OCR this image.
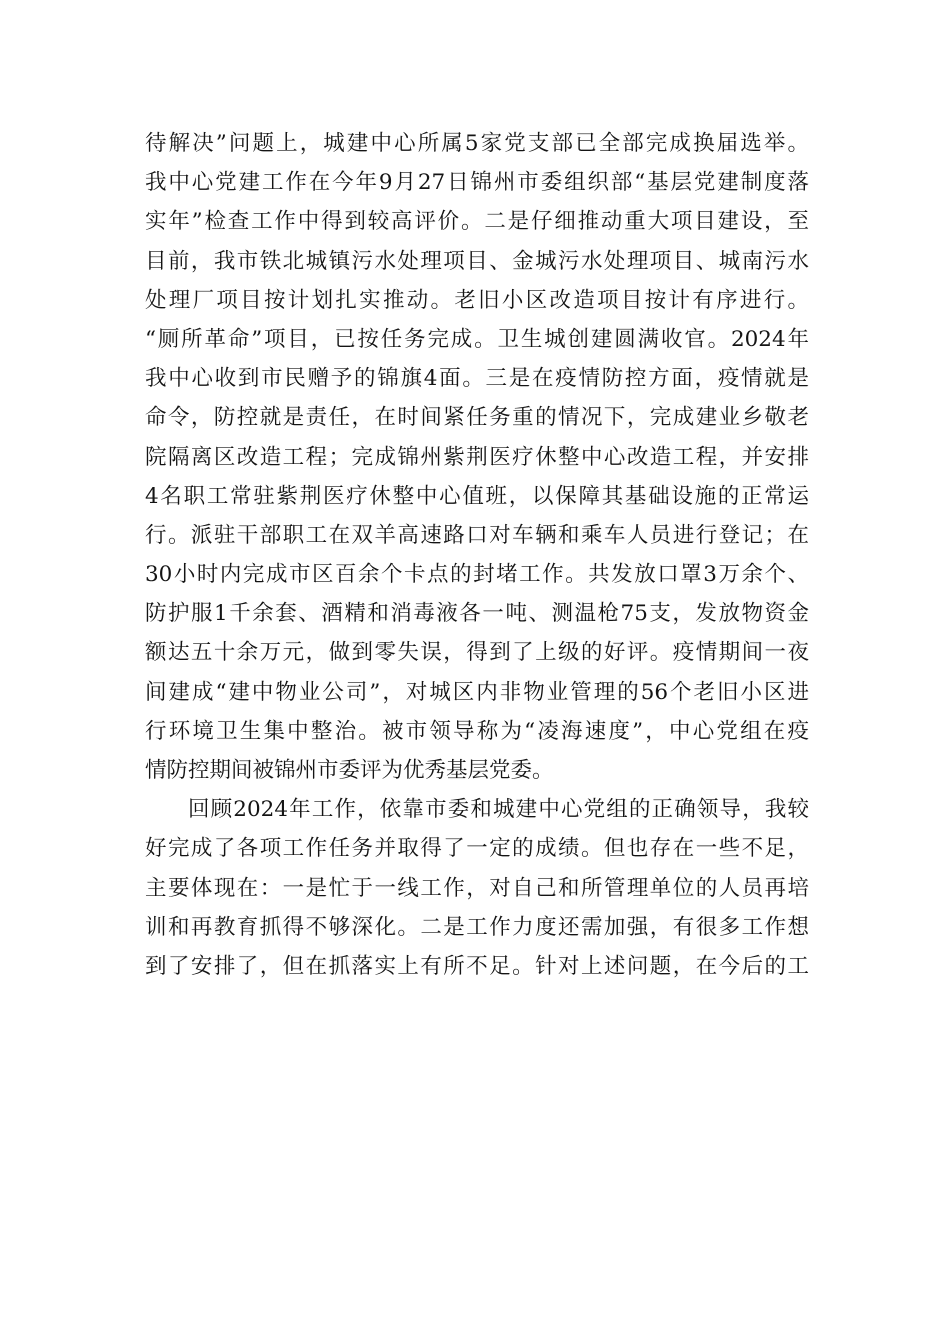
待解决”问题上，城建中心所属5家党支部已全部完成换届选举。
我中心党建工作在今年9月27日锦州市委组织部“基层党建制度落
实年”检查工作中得到较高评价。二是仔细推动重大项目建设，至
目前，我市铁北城镇污水处理项目、金城污水处理项目、城南污水
处理厂项目按计划扎实推动。老旧小区改造项目按计有序进行。
“厕所革命”项目，已按任务完成。卫生城创建圆满收官。2024年
我中心收到市民赠予的锦旗4面。三是在疫情防控方面，疫情就是
命令，防控就是责任，在时间紧任务重的情况下，完成建业乡敬老
院隔离区改造工程；完成锦州紫荆医疗休整中心改造工程，并安排
4名职工常驻紫荆医疗休整中心值班，以保障其基础设施的正常运
行。派驻干部职工在双羊高速路口对车辆和乘车人员进行登记；在
30小时内完成市区百余个卡点的封堵工作。共发放口罩3万余个、
防护服1千余套、酒精和消毒液各一吨、测温枪75支，发放物资金
额达五十余万元，做到零失误，得到了上级的好评。疫情期间一夜
间建成“建中物业公司”，对城区内非物业管理的56个老旧小区进
行环境卫生集中整治。被市领导称为“凌海速度”，中心党组在疫
情防控期间被锦州市委评为优秀基层党委。
回顾2024年工作，依靠市委和城建中心党组的正确领导，我较
好完成了各项工作任务并取得了一定的成绩。但也存在一些不足，
主要体现在：一是忙于一线工作，对自己和所管理单位的人员再培
训和再教育抓得不够深化。二是工作力度还需加强，有很多工作想
到了安排了，但在抓落实上有所不足。针对上述问题，在今后的工
